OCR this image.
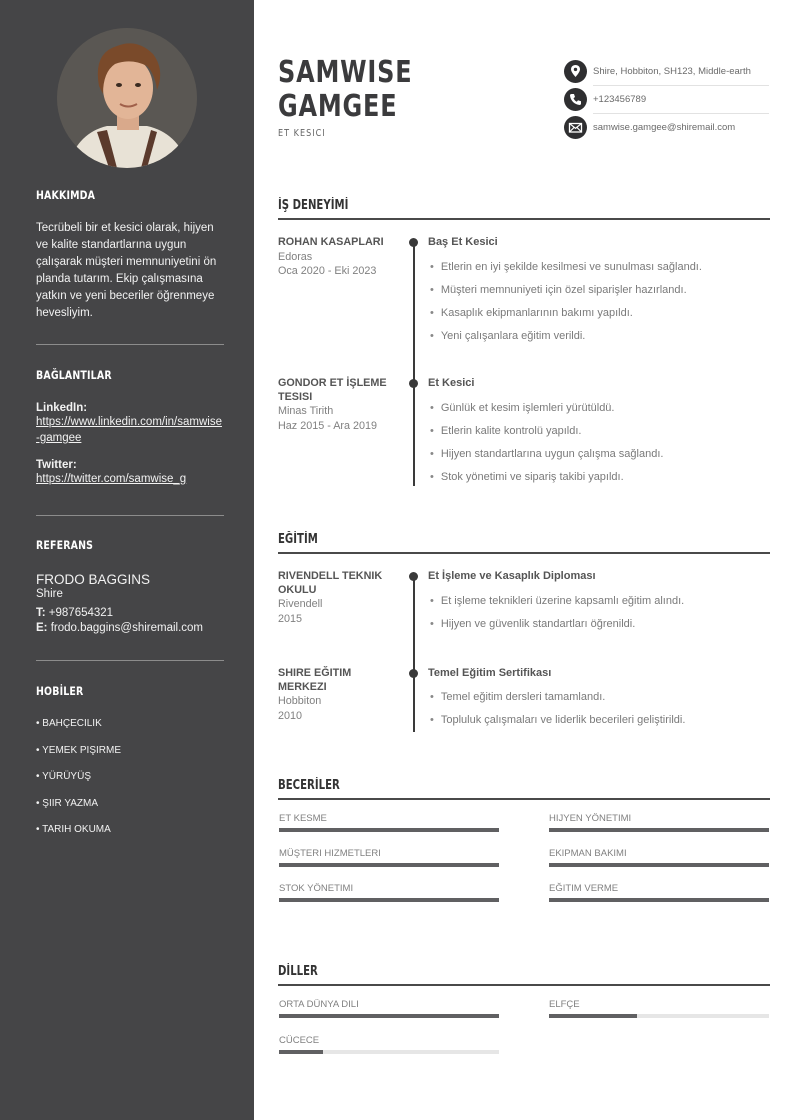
HAKKIMDA
Tecrübeli bir et kesici olarak, hijyen ve kalite standartlarına uygun çalışarak müşteri memnuniyetini ön planda tutarım. Ekip çalışmasına yatkın ve yeni beceriler öğrenmeye hevesliyim.
BAĞLANTILAR
LinkedIn:
https://www.linkedin.com/in/samwise-gamgee
Twitter:
https://twitter.com/samwise_g
REFERANS
FRODO BAGGINS
Shire
T: +987654321
E: frodo.baggins@shiremail.com
HOBİLER
• BAHÇECILIK
• YEMEK PIŞIRME
• YÜRÜYÜŞ
• ŞIIR YAZMA
• TARIH OKUMA
SAMWISE
GAMGEE
ET KESICI
Shire, Hobbiton, SH123, Middle-earth
+123456789
samwise.gamgee@shiremail.com
İŞ DENEYİMİ
ROHAN KASAPLARI
Edoras
Oca 2020 - Eki 2023
Baş Et Kesici
• Etlerin en iyi şekilde kesilmesi ve sunulması sağlandı.
• Müşteri memnuniyeti için özel siparişler hazırlandı.
• Kasaplık ekipmanlarının bakımı yapıldı.
• Yeni çalışanlara eğitim verildi.
GONDOR ET İŞLEME TESISI
Minas Tirith
Haz 2015 - Ara 2019
Et Kesici
• Günlük et kesim işlemleri yürütüldü.
• Etlerin kalite kontrolü yapıldı.
• Hijyen standartlarına uygun çalışma sağlandı.
• Stok yönetimi ve sipariş takibi yapıldı.
EĞİTİM
RIVENDELL TEKNIK OKULU
Rivendell
2015
Et İşleme ve Kasaplık Diploması
• Et işleme teknikleri üzerine kapsamlı eğitim alındı.
• Hijyen ve güvenlik standartları öğrenildi.
SHIRE EĞITIM MERKEZI
Hobbiton
2010
Temel Eğitim Sertifikası
• Temel eğitim dersleri tamamlandı.
• Topluluk çalışmaları ve liderlik becerileri geliştirildi.
BECERİLER
ET KESME	HIJYEN YÖNETIMI
MÜŞTERI HIZMETLERI	EKIPMAN BAKIMI
STOK YÖNETIMI	EĞITIM VERME
DİLLER
ORTA DÜNYA DILI	ELFÇE
CÜCECE
